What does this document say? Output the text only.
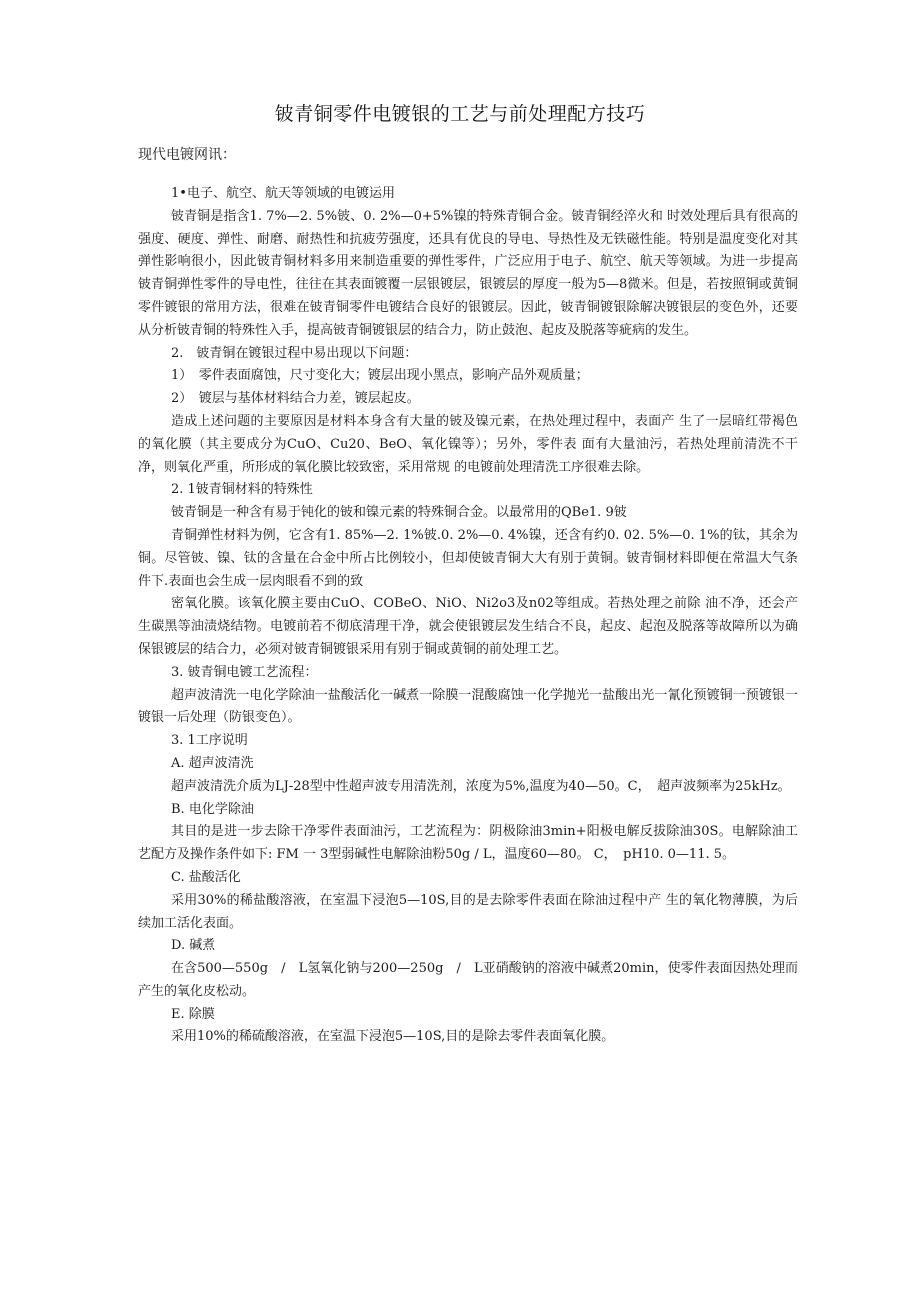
铍青铜零件电镀银的工艺与前处理配方技巧
现代电镀网讯：

1•电子、航空、航天等领域的电镀运用

铍青铜是指含1. 7%—2. 5%铍、0. 2%—0+5%镍的特殊青铜合金。铍青铜经淬火和 时效处理后具有很高的强度、硬度、弹性、耐磨、耐热性和抗疲劳强度，还具有优良的导电、导热性及无铁磁性能。特别是温度变化对其弹性影响很小，因此铍青铜材料多用来制造重要的弹性零件，广泛应用于电子、航空、航天等领域。为进一步提高铍青铜弹性零件的导电性，往往在其表面镀覆一层银镀层，银镀层的厚度一般为5—8微米。但是，若按照铜或黄铜零件镀银的常用方法，很难在铍青铜零件电镀结合良好的银镀层。因此，铍青铜镀银除解决镀银层的变色外，还要从分析铍青铜的特殊性入手，提高铍青铜镀银层的结合力，防止鼓泡、起皮及脱落等疵病的发生。

2.　铍青铜在镀银过程中易出现以下问题：

1）　零件表面腐蚀，尺寸变化大；镀层出现小黑点，影响产品外观质量；

2）　镀层与基体材料结合力差，镀层起皮。

造成上述问题的主要原因是材料本身含有大量的铍及镍元素，在热处理过程中，表面产 生了一层暗红带褐色的氧化膜（其主要成分为CuO、Cu20、BeO、氧化镍等）；另外，零件表 面有大量油污，若热处理前清洗不干净，则氧化严重，所形成的氧化膜比较致密，采用常规 的电镀前处理清洗工序很难去除。

2. 1铍青铜材料的特殊性

铍青铜是一种含有易于钝化的铍和镍元素的特殊铜合金。以最常用的QBe1. 9铍

青铜弹性材料为例，它含有1. 85%—2. 1%铍.0. 2%—0. 4%镍，还含有约0. 02. 5%—0. 1%的钛，其余为铜。尽管铍、镍、钛的含量在合金中所占比例较小，但却使铍青铜大大有别于黄铜。铍青铜材料即便在常温大气条件下.表面也会生成一层肉眼看不到的致

密氧化膜。该氧化膜主要由CuO、COBeO、NiO、Ni2o3及n02等组成。若热处理之前除 油不净，还会产生碳黑等油渍烧结物。电镀前若不彻底清理干净，就会使银镀层发生结合不良，起皮、起泡及脱落等故障所以为确保银镀层的结合力，必须对铍青铜镀银采用有别于铜或黄铜的前处理工艺。

3. 铍青铜电镀工艺流程：

超声波清洗一电化学除油一盐酸活化一碱煮一除膜一混酸腐蚀一化学抛光一盐酸出光一氰化预镀铜一预镀银一镀银一后处理（防银变色）。

3. 1工序说明

A. 超声波清洗

超声波清洗介质为LJ-28型中性超声波专用清洗剂，浓度为5%,温度为40—50。C，　超声波频率为25kHz。

B. 电化学除油

其目的是进一步去除干净零件表面油污，工艺流程为：阴极除油3min+阳极电解反拔除油30S。电解除油工艺配方及操作条件如下: FM 一 3型弱碱性电解除油粉50g / L，温度60—80。 C，　pH10. 0—11. 5。

C. 盐酸活化

采用30%的稀盐酸溶液，在室温下浸泡5—10S,目的是去除零件表面在除油过程中产 生的氧化物薄膜，为后续加工活化表面。

D. 碱煮

在含500—550g　/　L氢氧化钠与200—250g　/　L亚硝酸钠的溶液中碱煮20min，使零件表面因热处理而产生的氧化皮松动。

E. 除膜

采用10%的稀硫酸溶液，在室温下浸泡5—10S,目的是除去零件表面氧化膜。
